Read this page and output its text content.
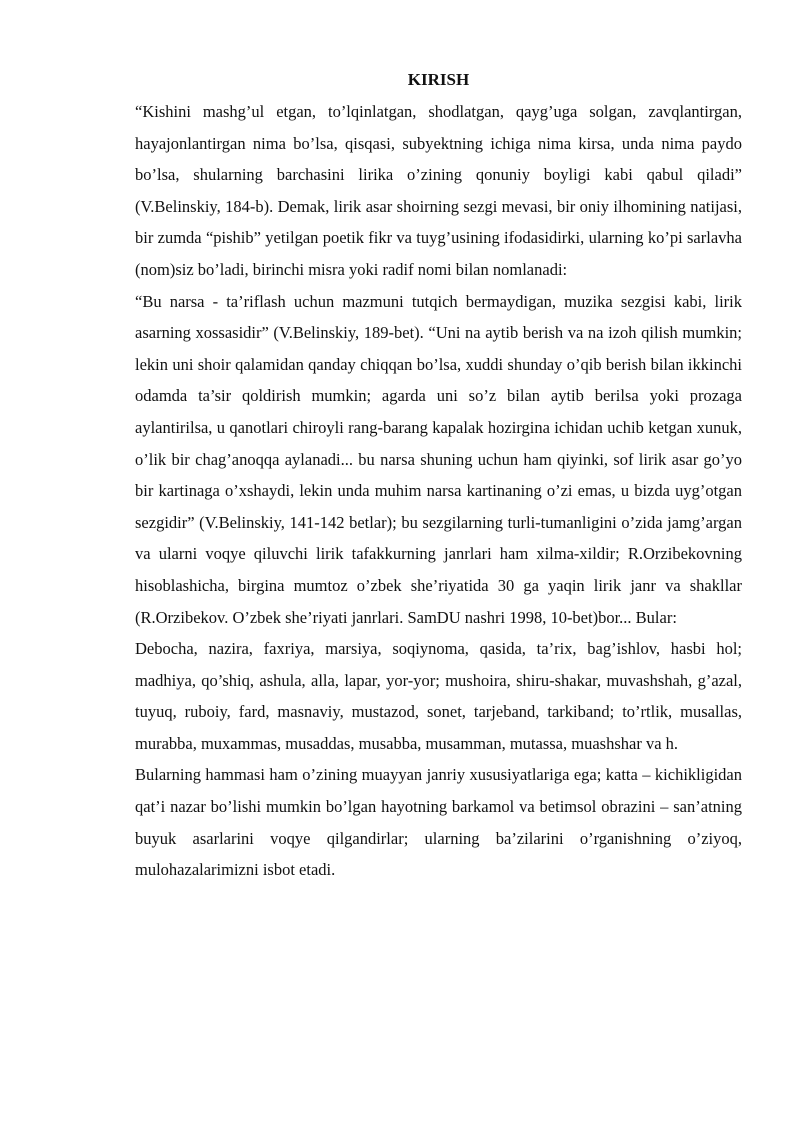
KIRISH

“Kishini mashg’ul etgan, to’lqinlatgan, shodlatgan, qayg’uga solgan, zavqlantirgan, hayajonlantirgan nima bo’lsa, qisqasi, subyektning ichiga nima kirsa, unda nima paydo bo’lsa, shularning barchasini lirika o’zining qonuniy boyligi kabi qabul qiladi” (V.Belinskiy, 184-b). Demak, lirik asar shoirning sezgi mevasi, bir oniy ilhomining natijasi, bir zumda “pishib” yetilgan poetik fikr va tuyg’usining ifodasidirki, ularning ko’pi sarlavha (nom)siz bo’ladi, birinchi misra yoki radif nomi bilan nomlanadi:

“Bu narsa - ta’riflash uchun mazmuni tutqich bermaydigan, muzika sezgisi kabi, lirik asarning xossasidir” (V.Belinskiy, 189-bet). “Uni na aytib berish va na izoh qilish mumkin; lekin uni shoir qalamidan qanday chiqqan bo’lsa, xuddi shunday o’qib berish bilan ikkinchi odamda ta’sir qoldirish mumkin; agarda uni so’z bilan aytib berilsa yoki prozaga aylantirilsa, u qanotlari chiroyli rang-barang kapalak hozirgina ichidan uchib ketgan xunuk, o’lik bir chag’anoqqa aylanadi... bu narsa shuning uchun ham qiyinki, sof lirik asar go’yo bir kartinaga o’xshaydi, lekin unda muhim narsa kartinaning o’zi emas, u bizda uyg’otgan sezgidir” (V.Belinskiy, 141-142 betlar); bu sezgilarning turli-tumanligini o’zida jamg’argan va ularni voqye qiluvchi lirik tafakkurning janrlari ham xilma-xildir; R.Orzibekovning hisoblashicha, birgina mumtoz o’zbek she’riyatida 30 ga yaqin lirik janr va shakllar (R.Orzibekov. O’zbek she’riyati janrlari. SamDU nashri 1998, 10-bet)bor... Bular:

Debocha, nazira, faxriya, marsiya, soqiynoma, qasida, ta’rix, bag’ishlov, hasbi hol; madhiya, qo’shiq, ashula, alla, lapar, yor-yor; mushoira, shiru-shakar, muvashshah, g’azal, tuyuq, ruboiy, fard, masnaviy, mustazod, sonet, tarjeband, tarkiband; to’rtlik, musallas, murabba, muxammas, musaddas, musabba, musamman, mutassa, muashshar va h.

Bularning hammasi ham o’zining muayyan janriy xususiyatlariga ega; katta – kichikligidan qat’i nazar bo’lishi mumkin bo’lgan hayotning barkamol va betimsol obrazini – san’atning buyuk asarlarini voqye qilgandirlar; ularning ba’zilarini o’rganishning o’ziyoq, mulohazalarimizni isbot etadi.
